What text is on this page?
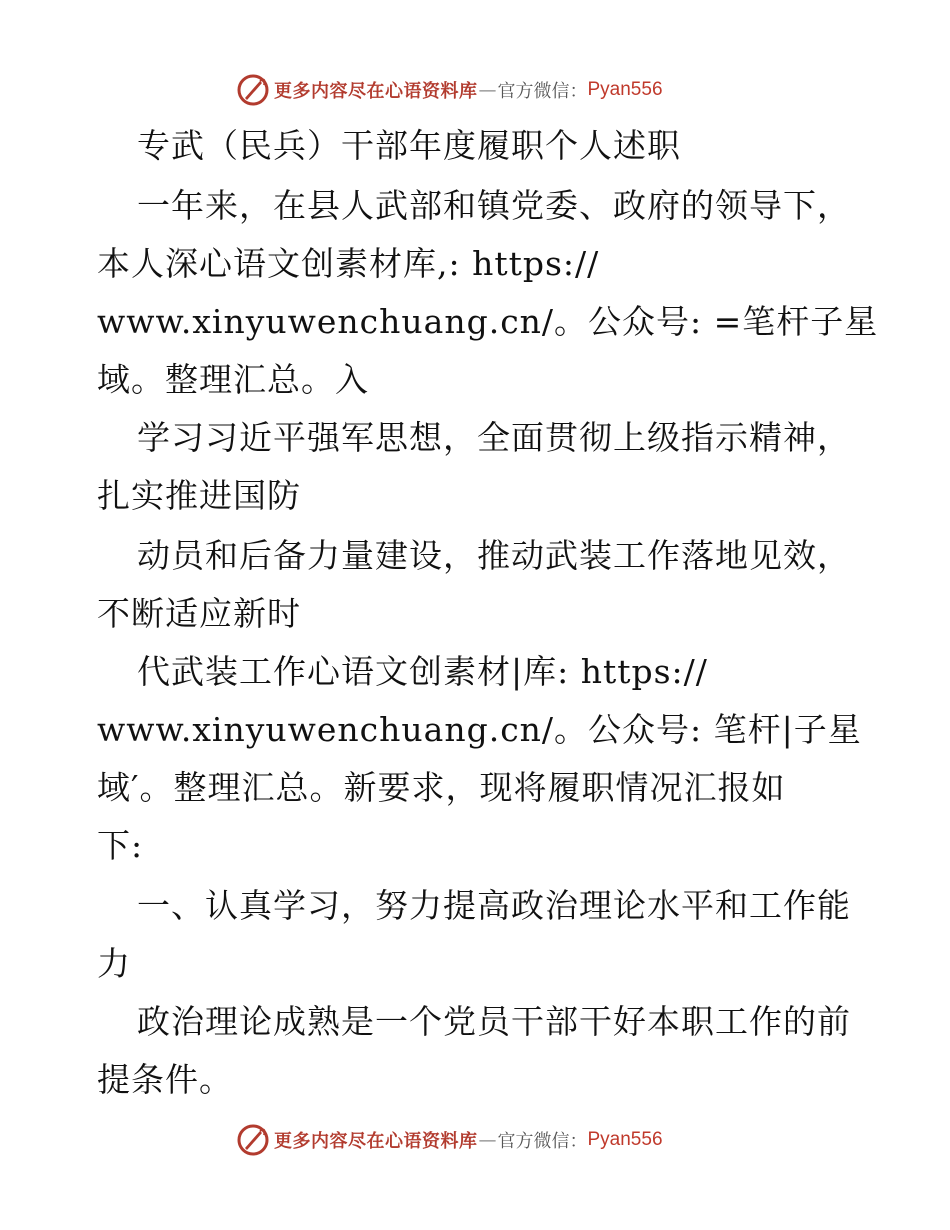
更多内容尽在心语资料库 — 官方微信： Pyan556
专武（民兵）干部年度履职个人述职
一年来，在县人武部和镇党委、政府的领导下，
本人深心语文创素材库,: https://
www.xinyuwenchuang.cn/。公众号: =笔杆子星
域。整理汇总。入
学习习近平强军思想，全面贯彻上级指示精神，
扎实推进国防
动员和后备力量建设，推动武装工作落地见效，
不断适应新时
代武装工作心语文创素材|库: https://
www.xinyuwenchuang.cn/。公众号: 笔杆|子星
域′。整理汇总。新要求，现将履职情况汇报如
下:
一、认真学习，努力提高政治理论水平和工作能
力
政治理论成熟是一个党员干部干好本职工作的前
提条件。
更多内容尽在心语资料库 — 官方微信： Pyan556
